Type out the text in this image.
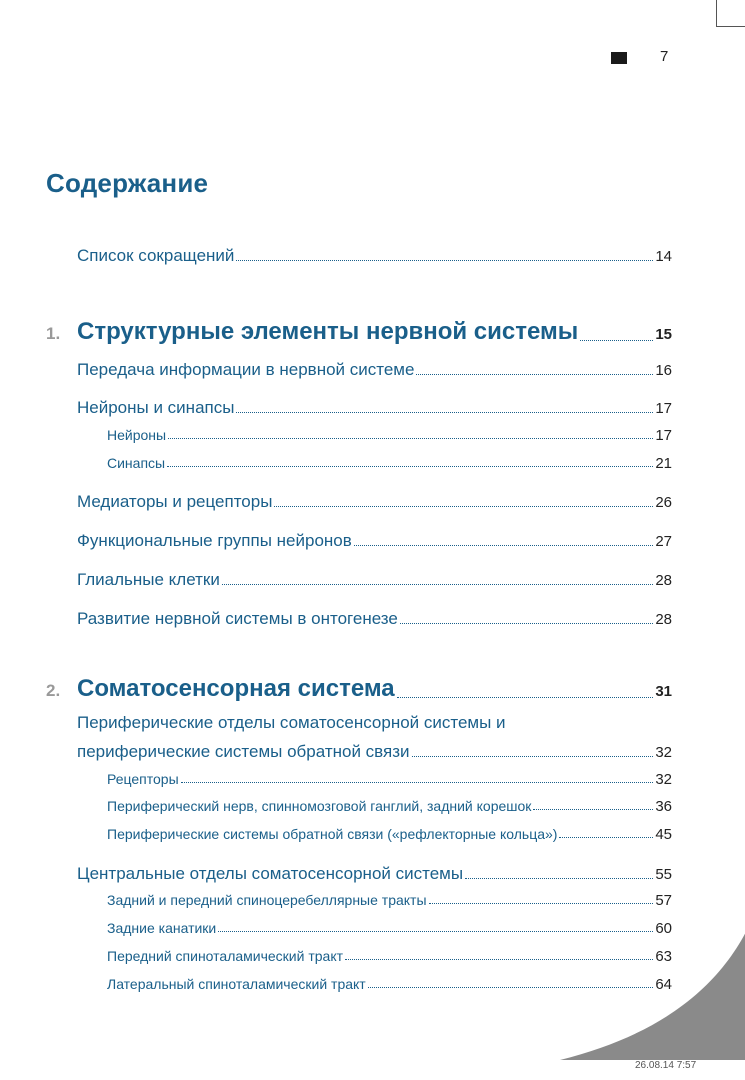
7
Содержание
Список сокращений	14
1. Структурные элементы нервной системы	15
Передача информации в нервной системе	16
Нейроны и синапсы	17
Нейроны	17
Синапсы	21
Медиаторы и рецепторы	26
Функциональные группы нейронов	27
Глиальные клетки	28
Развитие нервной системы в онтогенезе	28
2. Соматосенсорная система	31
Периферические отделы соматосенсорной системы и
периферические системы обратной связи	32
Рецепторы	32
Периферический нерв, спинномозговой ганглий, задний корешок	36
Периферические системы обратной связи («рефлекторные кольца»)	45
Центральные отделы соматосенсорной системы	55
Задний и передний спиноцеребеллярные тракты	57
Задние канатики	60
Передний спиноталамический тракт	63
Латеральный спиноталамический тракт	64
26.08.14 7:57
